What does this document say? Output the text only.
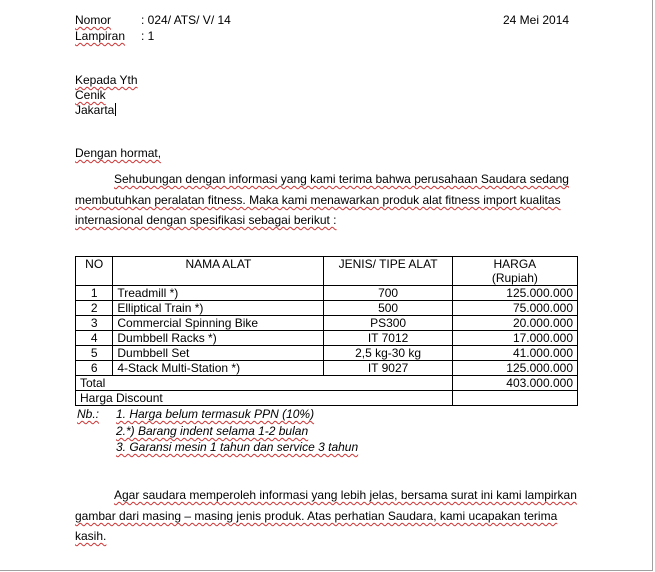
Nomor : 024/ ATS/ V/ 14	24 Mei 2014
Lampiran : 1
Kepada Yth
Cenik
Jakarta
Dengan hormat,
Sehubungan dengan informasi yang kami terima bahwa perusahaan Saudara sedang
membutuhkan peralatan fitness. Maka kami menawarkan produk alat fitness import kualitas
internasional dengan spesifikasi sebagai berikut :
NO	NAMA ALAT	JENIS/ TIPE ALAT	HARGA
(Rupiah)
1	Treadmill *)	700	125.000.000
2	Elliptical Train *)	500	75.000.000
3	Commercial Spinning Bike	PS300	20.000.000
4	Dumbbell Racks *)	IT 7012	17.000.000
5	Dumbbell Set	2,5 kg-30 kg	41.000.000
6	4-Stack Multi-Station *)	IT 9027	125.000.000
Total			403.000.000
Harga Discount			
Nb.: 1. Harga belum termasuk PPN (10%)
2.*) Barang indent selama 1-2 bulan
3. Garansi mesin 1 tahun dan service 3 tahun
Agar saudara memperoleh informasi yang lebih jelas, bersama surat ini kami lampirkan
gambar dari masing – masing jenis produk. Atas perhatian Saudara, kami ucapakan terima
kasih.
